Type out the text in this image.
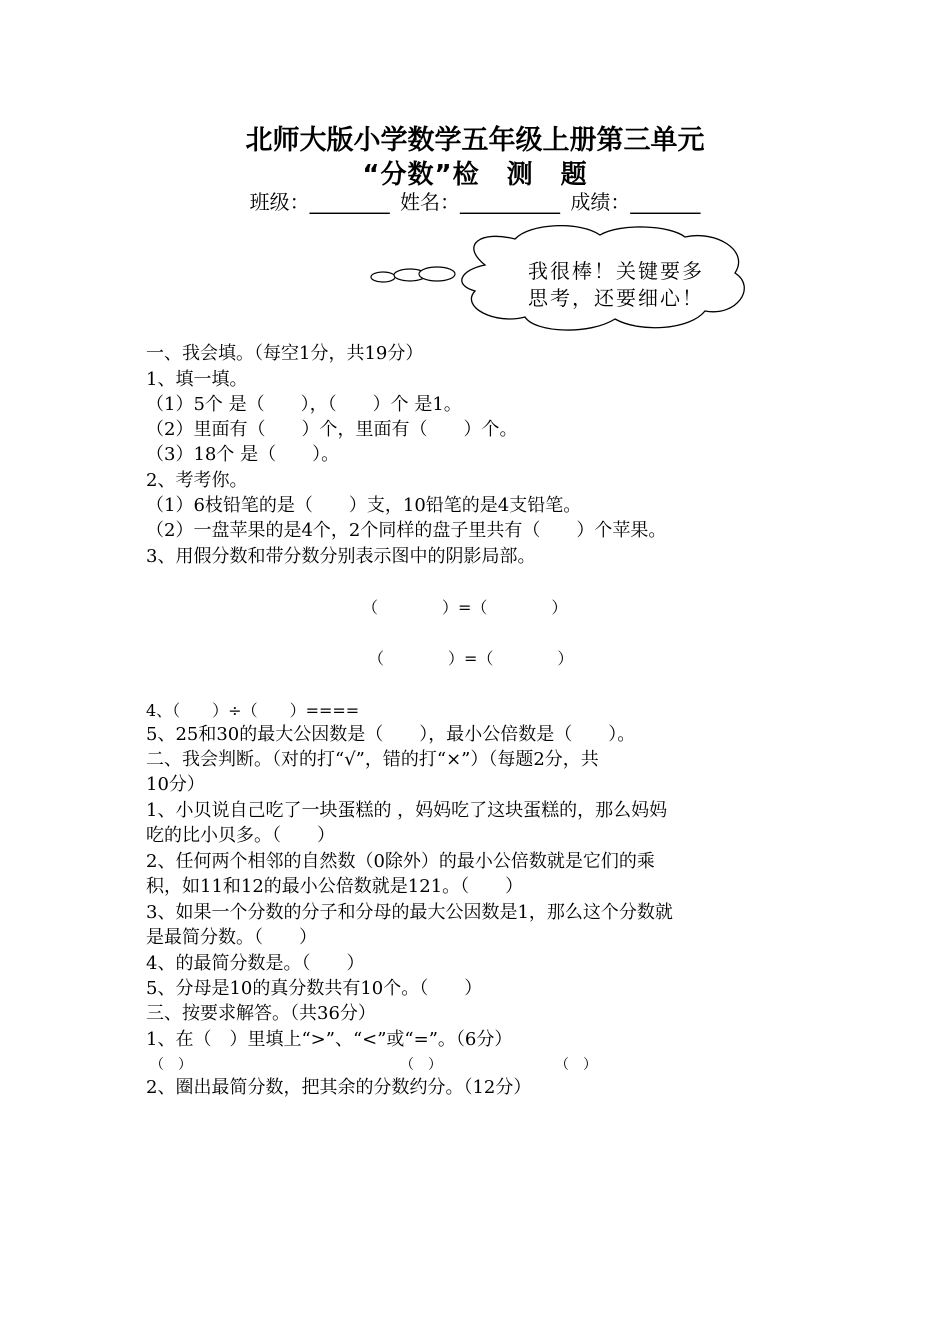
北师大版小学数学五年级上册第三单元
“分数”检　测　题
班级：________ 姓名：__________ 成绩：_______
我很棒！关键要多
思考，还要细心！
一、我会填。（每空1分，共19分）
1、填一填。
（1）5个 是（　　），（　　）个 是1。
（2）里面有（　　）个，里面有（　　）个。
（3）18个 是（　　）。
2、考考你。
（1）6枝铅笔的是（　　）支，10铅笔的是4支铅笔。
（2）一盘苹果的是4个，2个同样的盘子里共有（　　）个苹果。
3、用假分数和带分数分别表示图中的阴影局部。
（　　　　）=（　　　　）
（　　　　）=（　　　　）
4、（　　）÷（　　）====
5、25和30的最大公因数是（　　），最小公倍数是（　　）。
二、我会判断。（对的打“√”，错的打“×”）（每题2分，共
10分）
1、小贝说自己吃了一块蛋糕的 ，妈妈吃了这块蛋糕的，那么妈妈
吃的比小贝多。（　　）
2、任何两个相邻的自然数（0除外）的最小公倍数就是它们的乘
积，如11和12的最小公倍数就是121。（　　）
3、如果一个分数的分子和分母的最大公因数是1，那么这个分数就
是最简分数。（　　）
4、的最简分数是。（　　）
5、分母是10的真分数共有10个。（　　）
三、按要求解答。（共36分）
1、在（　）里填上“>”、“<”或“=”。（6分）
（　）	（　）	（　）
2、圈出最简分数，把其余的分数约分。（12分）
